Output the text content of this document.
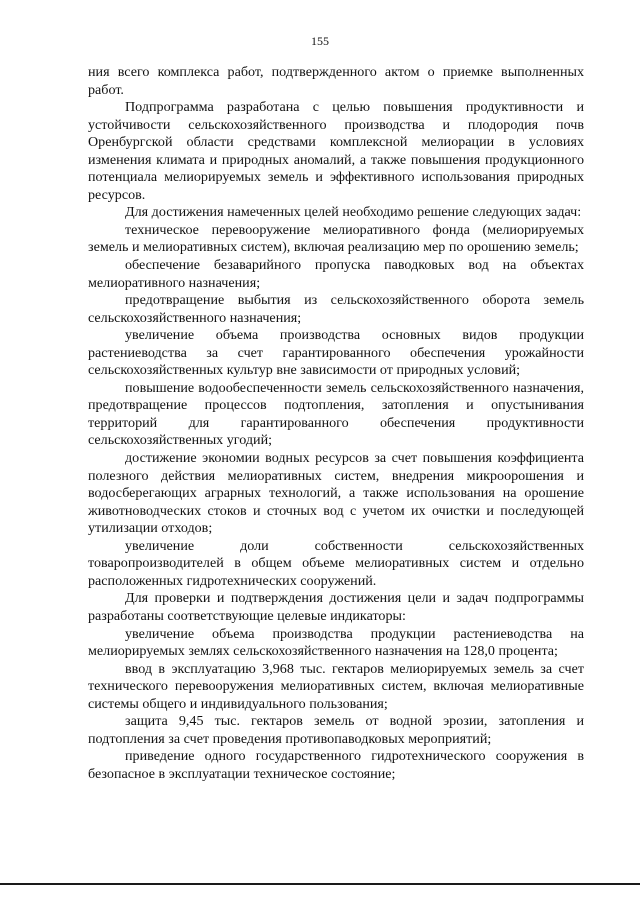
155

ния всего комплекса работ, подтвержденного актом о приемке выполненных работ.

Подпрограмма разработана с целью повышения продуктивности и устойчивости сельскохозяйственного производства и плодородия почв Оренбургской области средствами комплексной мелиорации в условиях изменения климата и природных аномалий, а также повышения продукционного потенциала мелиорируемых земель и эффективного использования природных ресурсов.

Для достижения намеченных целей необходимо решение следующих задач:

техническое перевооружение мелиоративного фонда (мелиорируемых земель и мелиоративных систем), включая реализацию мер по орошению земель;

обеспечение безаварийного пропуска паводковых вод на объектах мелиоративного назначения;

предотвращение выбытия из сельскохозяйственного оборота земель сельскохозяйственного назначения;

увеличение объема производства основных видов продукции растениеводства за счет гарантированного обеспечения урожайности сельскохозяйственных культур вне зависимости от природных условий;

повышение водообеспеченности земель сельскохозяйственного назначения, предотвращение процессов подтопления, затопления и опустынивания территорий для гарантированного обеспечения продуктивности сельскохозяйственных угодий;

достижение экономии водных ресурсов за счет повышения коэффициента полезного действия мелиоративных систем, внедрения микроорошения и водосберегающих аграрных технологий, а также использования на орошение животноводческих стоков и сточных вод с учетом их очистки и последующей утилизации отходов;

увеличение доли собственности сельскохозяйственных товаропроизводителей в общем объеме мелиоративных систем и отдельно расположенных гидротехнических сооружений.

Для проверки и подтверждения достижения цели и задач подпрограммы разработаны соответствующие целевые индикаторы:

увеличение объема производства продукции растениеводства на мелиорируемых землях сельскохозяйственного назначения на 128,0 процента;

ввод в эксплуатацию 3,968 тыс. гектаров мелиорируемых земель за счет технического перевооружения мелиоративных систем, включая мелиоративные системы общего и индивидуального пользования;

защита 9,45 тыс. гектаров земель от водной эрозии, затопления и подтопления за счет проведения противопаводковых мероприятий;

приведение одного государственного гидротехнического сооружения в безопасное в эксплуатации техническое состояние;
